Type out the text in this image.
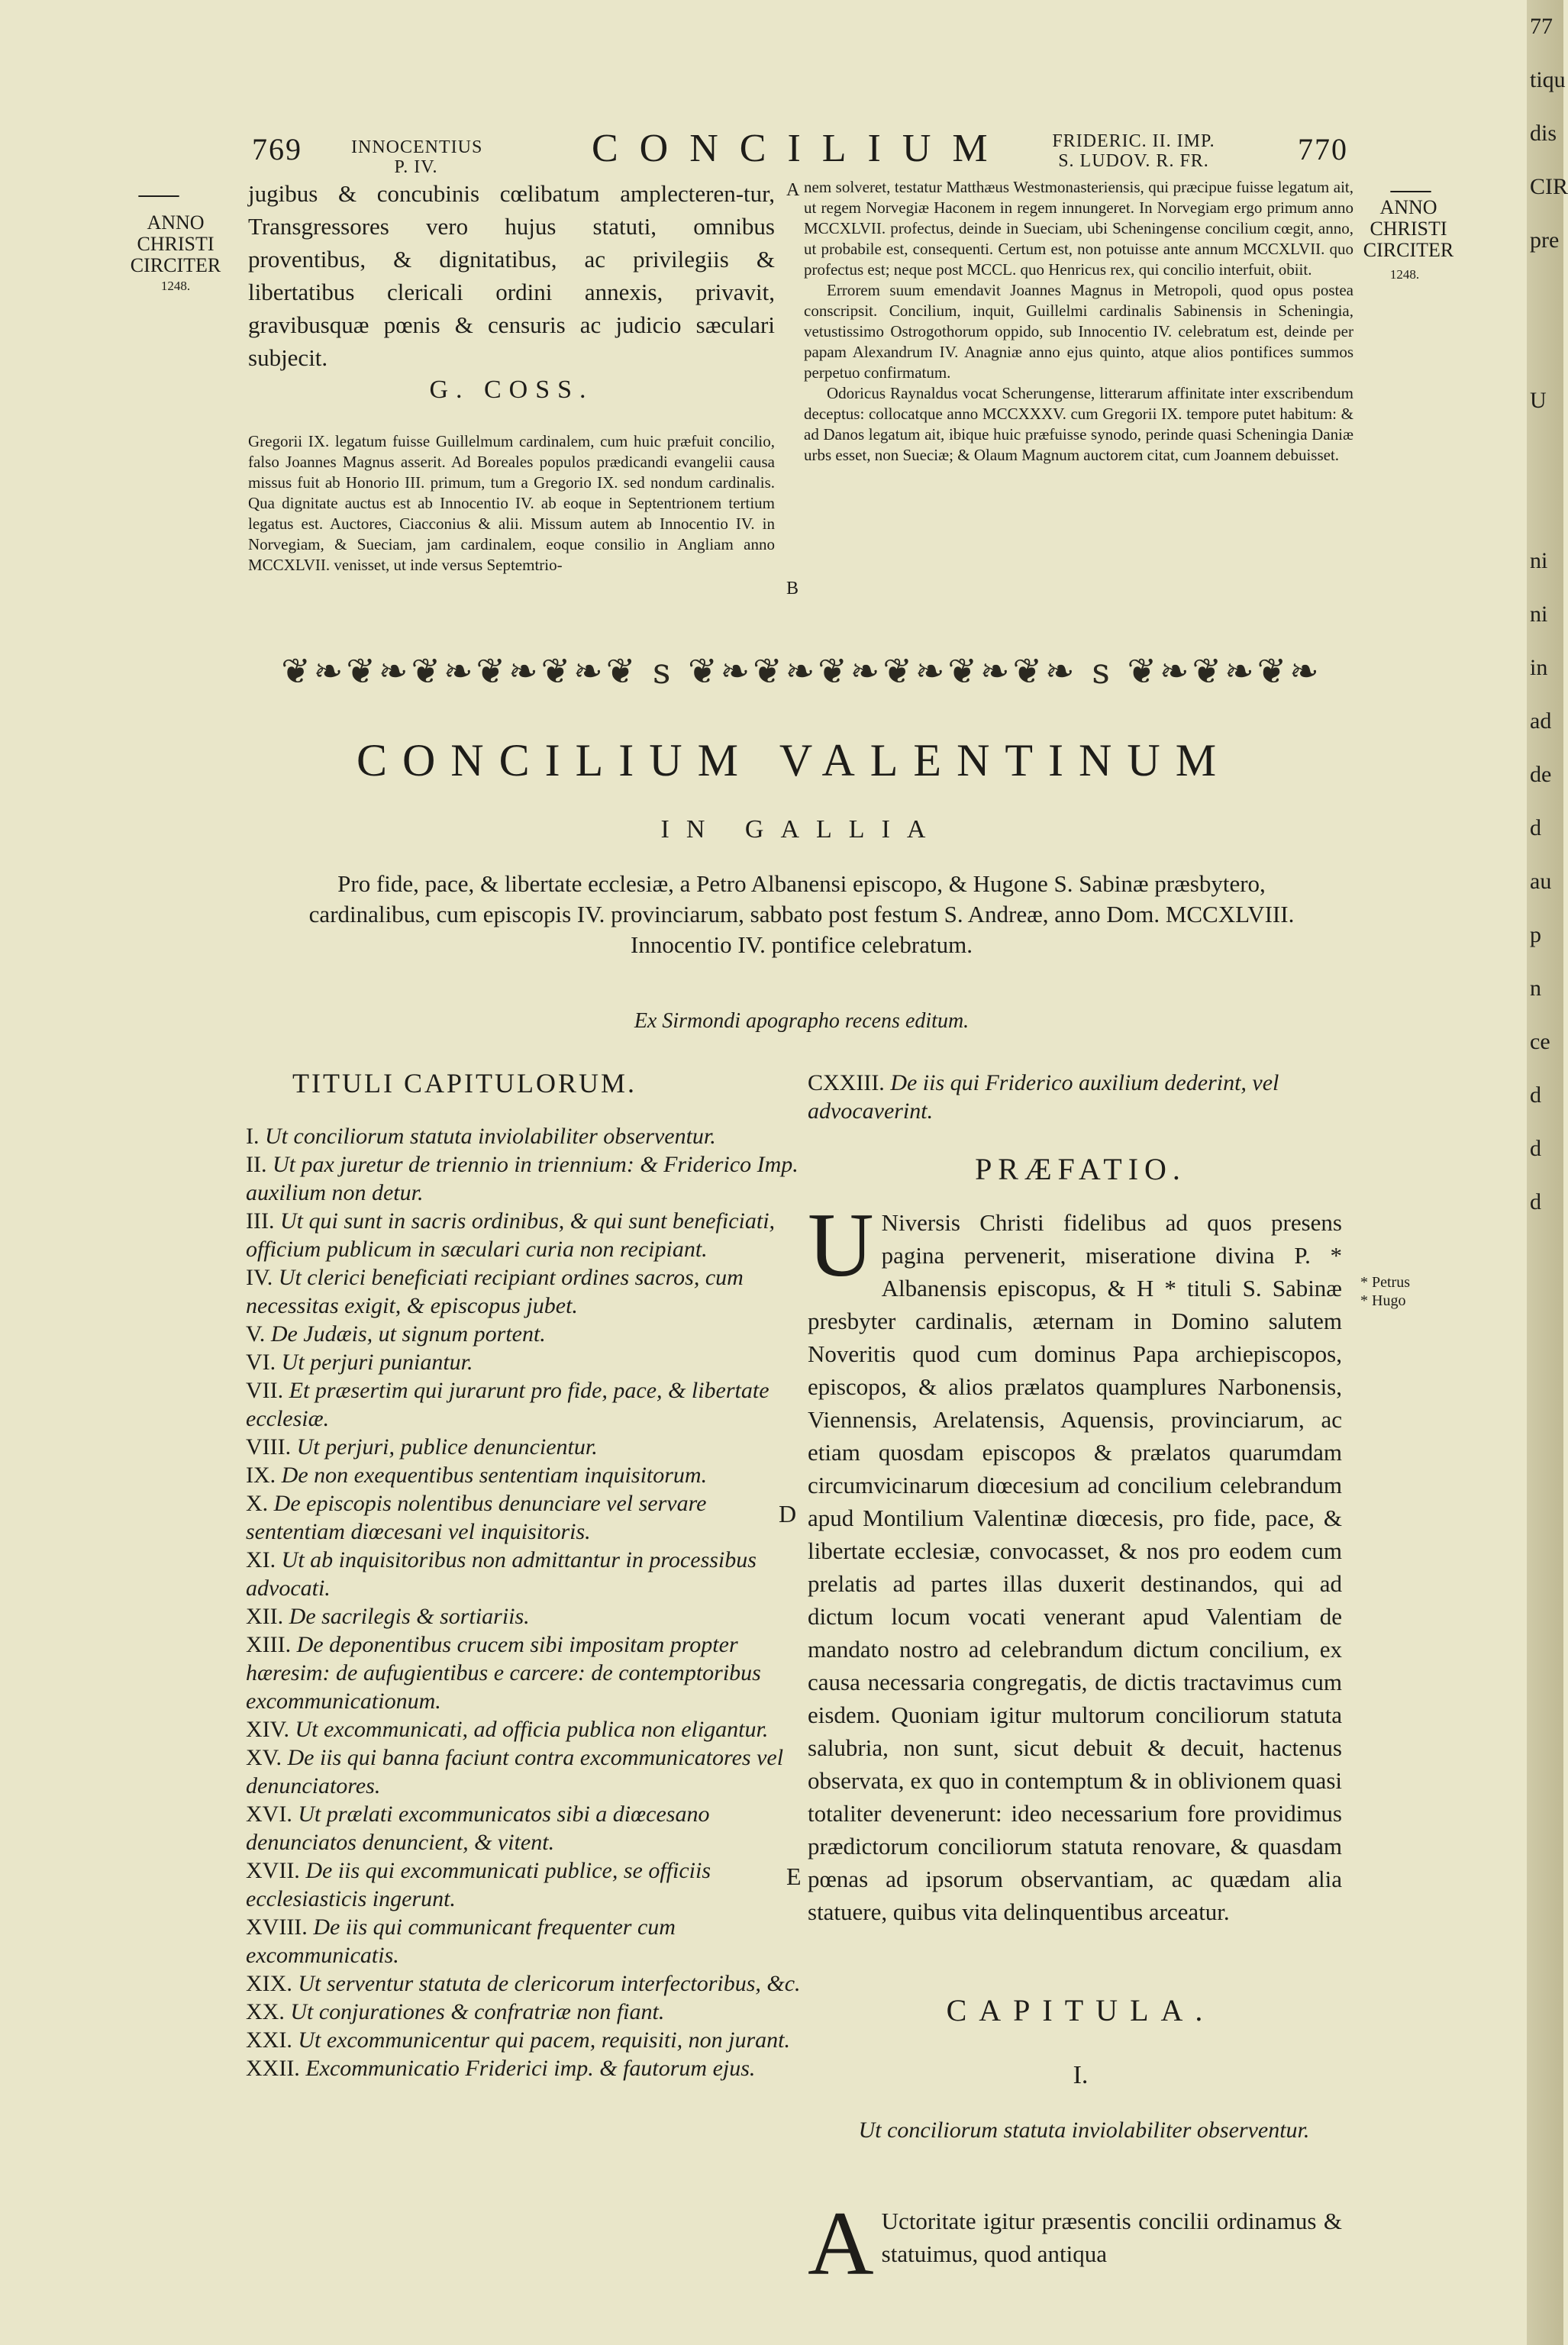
769	INNOCENTIUS
P. IV.	CONCILIUM	FRIDERIC. II. IMP.
S. LUDOV. R. FR.	770
——
ANNO
CHRISTI
CIRCITER
1248.
——
ANNO
CHRISTI
CIRCITER
1248.
jugibus & concubinis cœlibatum amplecteren-tur, Transgressores vero hujus statuti, omnibus proventibus, & dignitatibus, ac privilegiis & libertatibus clericali ordini annexis, privavit, gravibusquæ pœnis & censuris ac judicio sæculari subjecit.
G. COSS.
Gregorii IX. legatum fuisse Guillelmum cardinalem, cum huic præfuit concilio, falso Joannes Magnus asserit. Ad Boreales populos prædicandi evangelii causa missus fuit ab Honorio III. primum, tum a Gregorio IX. sed nondum cardinalis. Qua dignitate auctus est ab Innocentio IV. ab eoque in Septentrionem tertium legatus est. Auctores, Ciacconius & alii. Missum autem ab Innocentio IV. in Norvegiam, & Sueciam, jam cardinalem, eoque consilio in Angliam anno MCCXLVII. venisset, ut inde versus Septemtrio-
A
B
nem solveret, testatur Matthæus Westmonasteriensis, qui præcipue fuisse legatum ait, ut regem Norvegiæ Haconem in regem innungeret. In Norvegiam ergo primum anno MCCXLVII. profectus, deinde in Sueciam, ubi Scheningense concilium cœgit, anno, ut probabile est, consequenti. Certum est, non potuisse ante annum MCCXLVII. quo profectus est; neque post MCCL. quo Henricus rex, qui concilio interfuit, obiit.
Errorem suum emendavit Joannes Magnus in Metropoli, quod opus postea conscripsit. Concilium, inquit, Guillelmi cardinalis Sabinensis in Scheningia, vetustissimo Ostrogothorum oppido, sub Innocentio IV. celebratum est, deinde per papam Alexandrum IV. Anagniæ anno ejus quinto, atque alios pontifices summos perpetuo confirmatum.
Odoricus Raynaldus vocat Scherungense, litterarum affinitate inter exscribendum deceptus: collocatque anno MCCXXXV. cum Gregorii IX. tempore putet habitum: & ad Danos legatum ait, ibique huic præfuisse synodo, perinde quasi Scheningia Daniæ urbs esset, non Sueciæ; & Olaum Magnum auctorem citat, cum Joannem debuisset.
❦❧❦❧❦❧❦❧❦❧❦ s ❦❧❦❧❦❧❦❧❦❧❦❧ s ❦❧❦❧❦❧
CONCILIUM VALENTINUM
IN GALLIA
Pro fide, pace, & libertate ecclesiæ, a Petro Albanensi episcopo, & Hugone S. Sabinæ præsbytero, cardinalibus, cum episcopis IV. provinciarum, sabbato post festum S. Andreæ, anno Dom. MCCXLVIII. Innocentio IV. pontifice celebratum.
Ex Sirmondi apographo recens editum.
TITULI CAPITULORUM.

I. Ut conciliorum statuta inviolabiliter observentur.

II. Ut pax juretur de triennio in triennium: & Friderico Imp. auxilium non detur.

III. Ut qui sunt in sacris ordinibus, & qui sunt beneficiati, officium publicum in sæculari curia non recipiant.

IV. Ut clerici beneficiati recipiant ordines sacros, cum necessitas exigit, & episcopus jubet.

V. De Judæis, ut signum portent.

VI. Ut perjuri puniantur.

VII. Et præsertim qui jurarunt pro fide, pace, & libertate ecclesiæ.

VIII. Ut perjuri, publice denuncientur.

IX. De non exequentibus sententiam inquisitorum.

X. De episcopis nolentibus denunciare vel servare sententiam diœcesani vel inquisitoris.

XI. Ut ab inquisitoribus non admittantur in processibus advocati.

XII. De sacrilegis & sortiariis.

XIII. De deponentibus crucem sibi impositam propter hæresim: de aufugientibus e carcere: de contemptoribus excommunicationum.

XIV. Ut excommunicati, ad officia publica non eligantur.

XV. De iis qui banna faciunt contra excommunicatores vel denunciatores.

XVI. Ut prælati excommunicatos sibi a diœcesano denunciatos denuncient, & vitent.

XVII. De iis qui excommunicati publice, se officiis ecclesiasticis ingerunt.

XVIII. De iis qui communicant frequenter cum excommunicatis.

XIX. Ut serventur statuta de clericorum interfectoribus, &c.

XX. Ut conjurationes & confratriæ non fiant.

XXI. Ut excommunicentur qui pacem, requisiti, non jurant.

XXII. Excommunicatio Friderici imp. & fautorum ejus.

D
E
CXXIII. De iis qui Friderico auxilium dederint, vel advocaverint.
PRÆFATIO.
U Niversis Christi fidelibus ad quos presens pagina pervenerit, miseratione divina P. * Albanensis episcopus, & H * tituli S. Sabinæ presbyter cardinalis, æternam in Domino salutem Noveritis quod cum dominus Papa archiepiscopos, episcopos, & alios prælatos quamplures Narbonensis, Viennensis, Arelatensis, Aquensis, provinciarum, ac etiam quosdam episcopos & prælatos quarumdam circumvicinarum diœcesium ad concilium celebrandum apud Montilium Valentinæ diœcesis, pro fide, pace, & libertate ecclesiæ, convocasset, & nos pro eodem cum prelatis ad partes illas duxerit destinandos, qui ad dictum locum vocati venerant apud Valentiam de mandato nostro ad celebrandum dictum concilium, ex causa necessaria congregatis, de dictis tractavimus cum eisdem. Quoniam igitur multorum conciliorum statuta salubria, non sunt, sicut debuit & decuit, hactenus observata, ex quo in contemptum & in oblivionem quasi totaliter devenerunt: ideo necessarium fore providimus prædictorum conciliorum statuta renovare, & quasdam pœnas ad ipsorum observantiam, ac quædam alia statuere, quibus vita delinquentibus arceatur.
* Petrus
* Hugo
CAPITULA.
I.
Ut conciliorum statuta inviolabiliter observentur.
A Uctoritate igitur præsentis concilii ordinamus & statuimus, quod antiqua
77
tiqu
dis
CIR
pre

U

ni
ni
in
ad
de
d
au
p
n
ce
d
d
d
